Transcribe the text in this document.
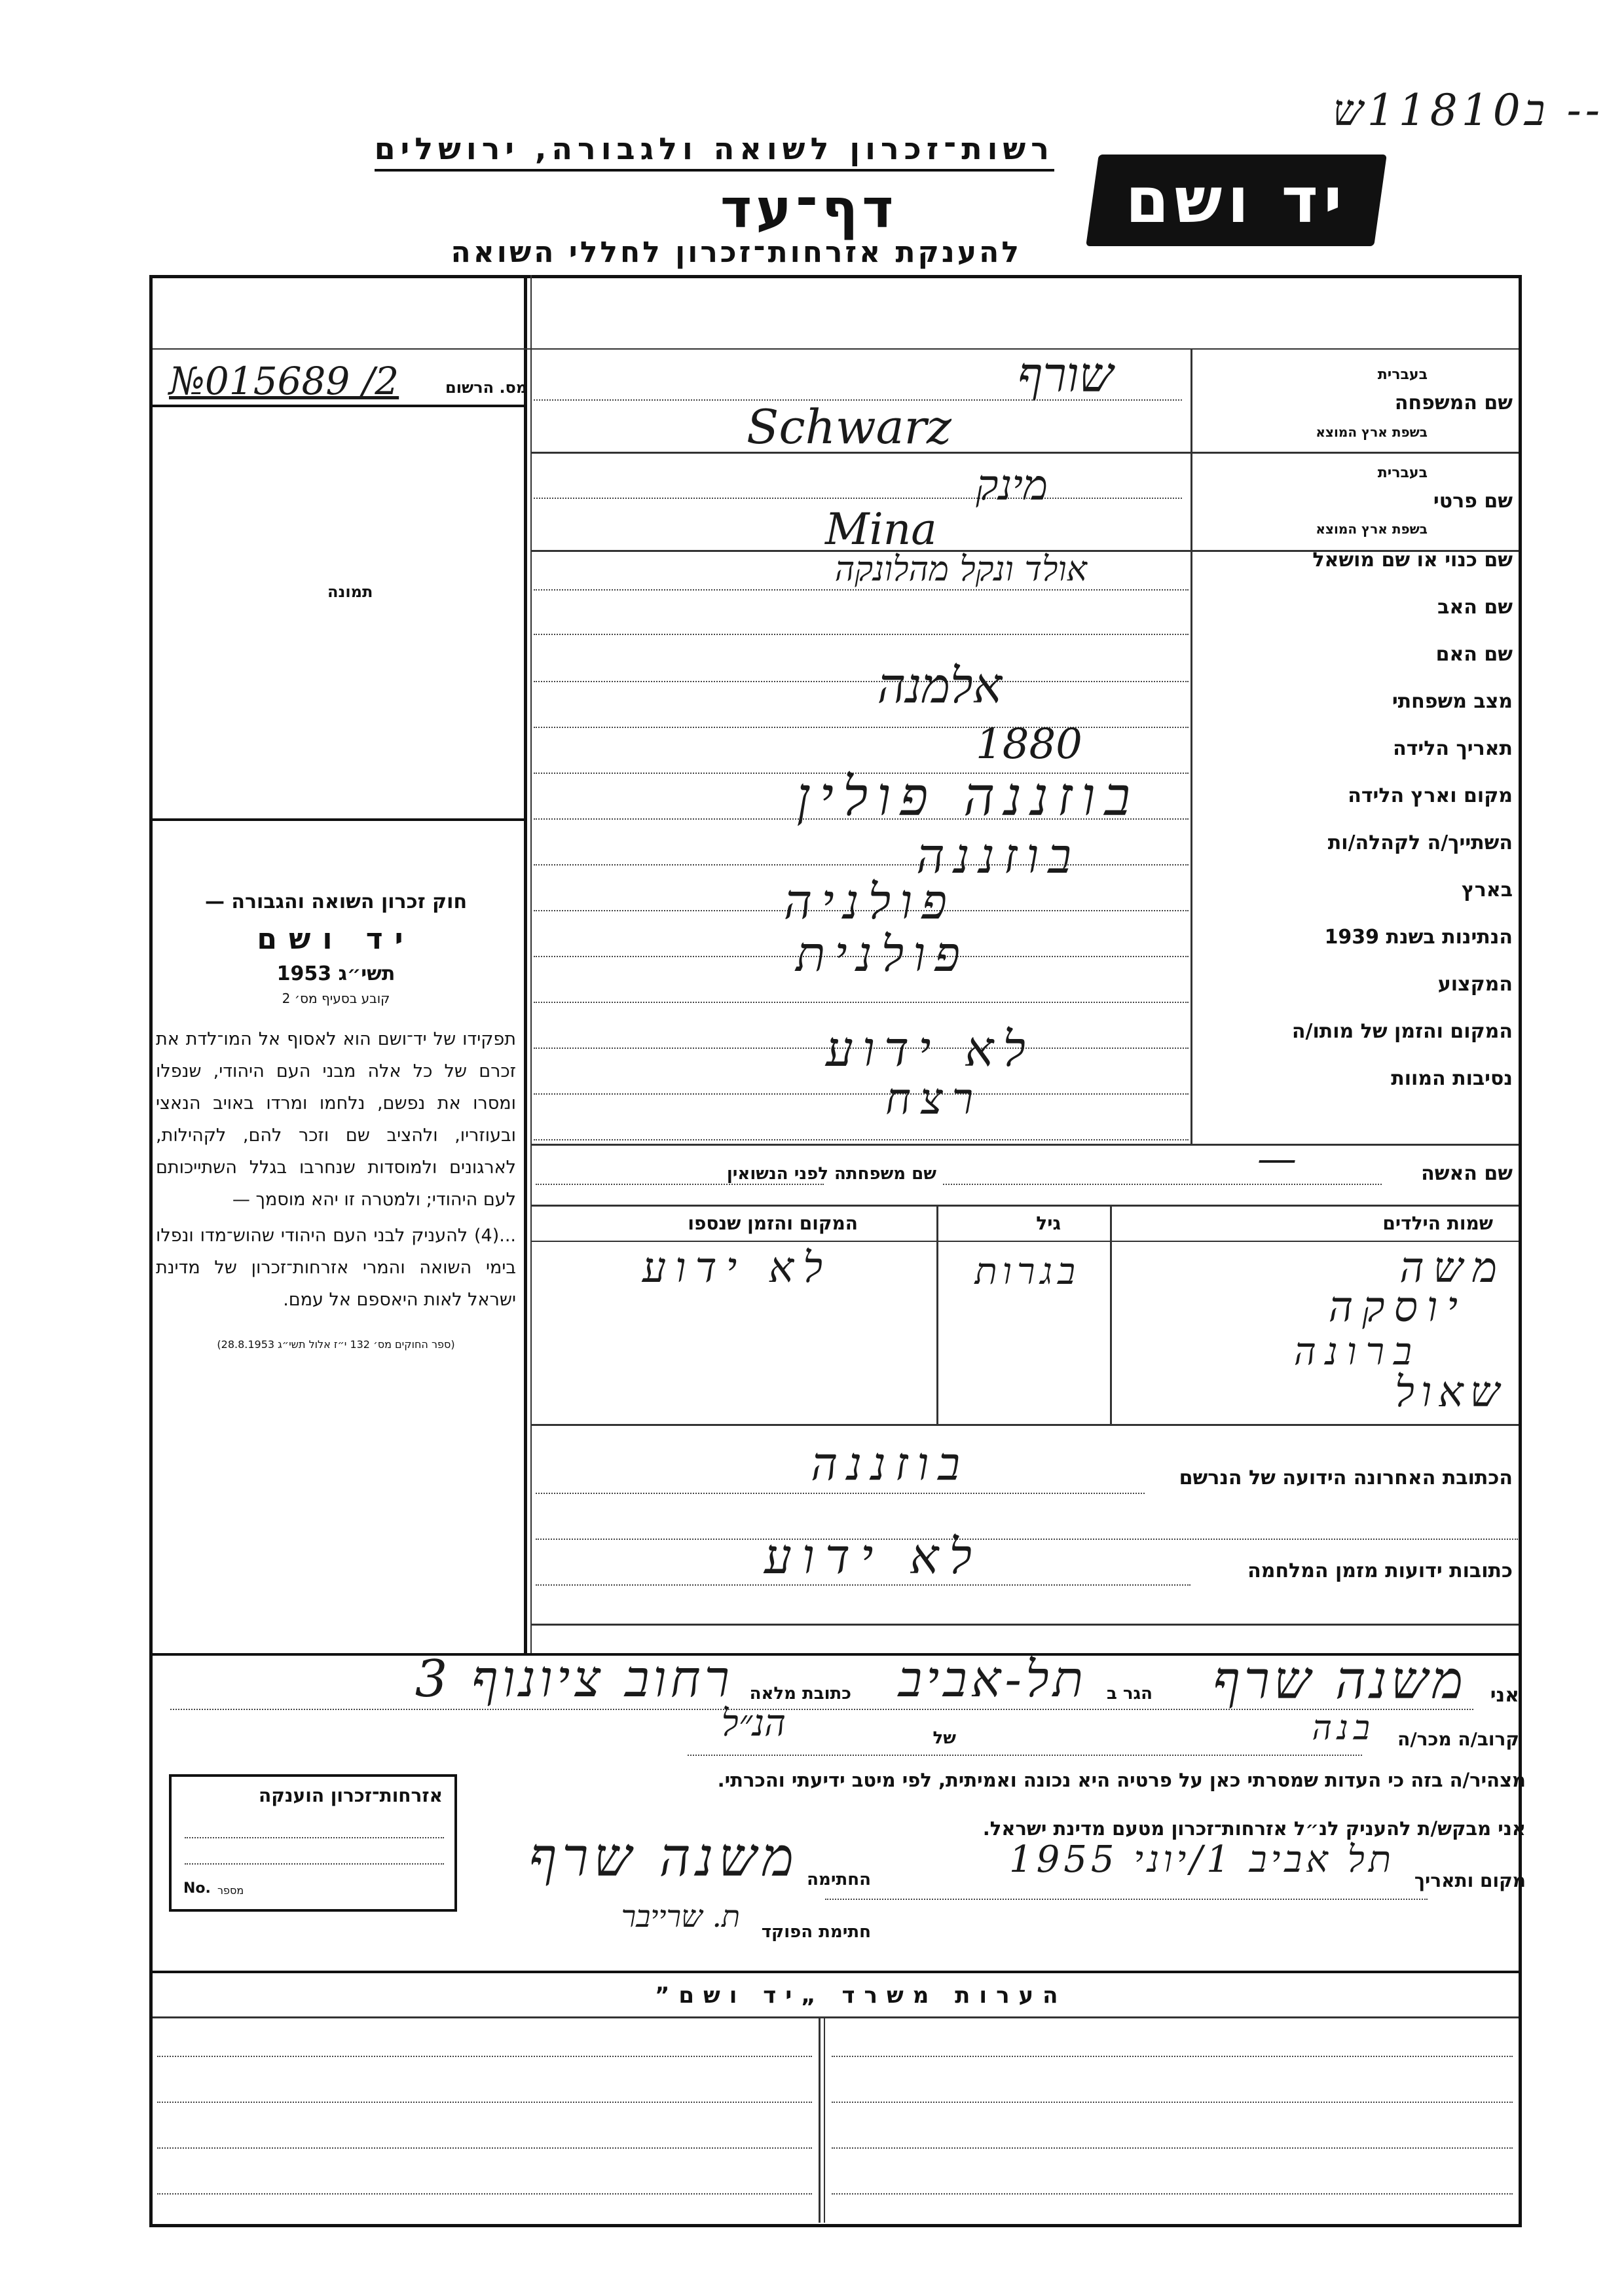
ב11810ש --
רשות־זכרון לשואה ולגבורה, ירושלים
דף־עד
להענקת אזרחות־זכרון לחללי השואה
יד ושם
מס. הרשום
№015689 /2
תמונה
חוק זכרון השואה והגבורה —
יד ושם
תשי״ג 1953
קובע בסעיף מס׳ 2
תפקידו של יד־ושם הוא לאסוף אל המו־לדת את זכרם של כל אלה מבני העם היהודי, שנפלו ומסרו את נפשם, נלחמו ומרדו באויב הנאצי ובעוזריו, ולהציב שם וזכר להם, לקהילות, לארגונים ולמוסדות שנחרבו בגלל השתייכותם לעם היהודי; ולמטרה זו יהא מוסמך —
...(4) להעניק לבני העם היהודי שהוש־מדו ונפלו בימי השואה והמרי אזרחות־זכרון של מדינת ישראל לאות היאספם אל עמם.
(ספר החוקים מס׳ 132 י״ז אלול תשי״ג 28.8.1953)
בעברית
שם המשפחה
בשפת ארץ המוצא
בעברית
שם פרטי
בשפת ארץ המוצא
שם כנוי או שם מושאל
שם האב
שם האם
מצב משפחתי
תאריך הלידה
מקום וארץ הלידה
השתייך/ה לקהלה/ות
בארץ
הנתינות בשנת 1939
המקצוע
המקום והזמן של מותו/ה
נסיבות המוות
שורף
Schwarz
מינק
Mina
אולד ונקל מהלונקה
אלמנה
1880
בוזננה פולין
בוזננה
פולניה
פולנית
לא ידוע
רצח
שם האשה
שם משפחתה לפני הנשואין	—
שמות הילדים
גיל
המקום והזמן שנספו
משה
יוסקה
ברונה
שאול
בגרות
לא ידוע
הכתובת האחרונה הידועה של הנרשם
בוזננה
כתובות ידועות מזמן המלחמה
לא ידוע
אני
משנה שרף
הגר ב
תל-אביב
כתובת מלאה
רחוב ציונוף 3
קרוב/ה מכר/ה
בנה
של
הנ״ל
מצהיר/ה בזה כי העדות שמסרתי כאן על פרטיה היא נכונה ואמיתית, לפי מיטב ידיעתי והכרתי.
אני מבקש/ת להעניק לנ״ל אזרחות־זכרון מטעם מדינת ישראל.
מקום ותאריך
תל אביב 1/יוני 1955
החתימה
משנה שרף
חתימת הפוקד
ת. שרייבר
אזרחות־זכרון הוענקה
No. מספר
הערות משרד „יד ושם”
